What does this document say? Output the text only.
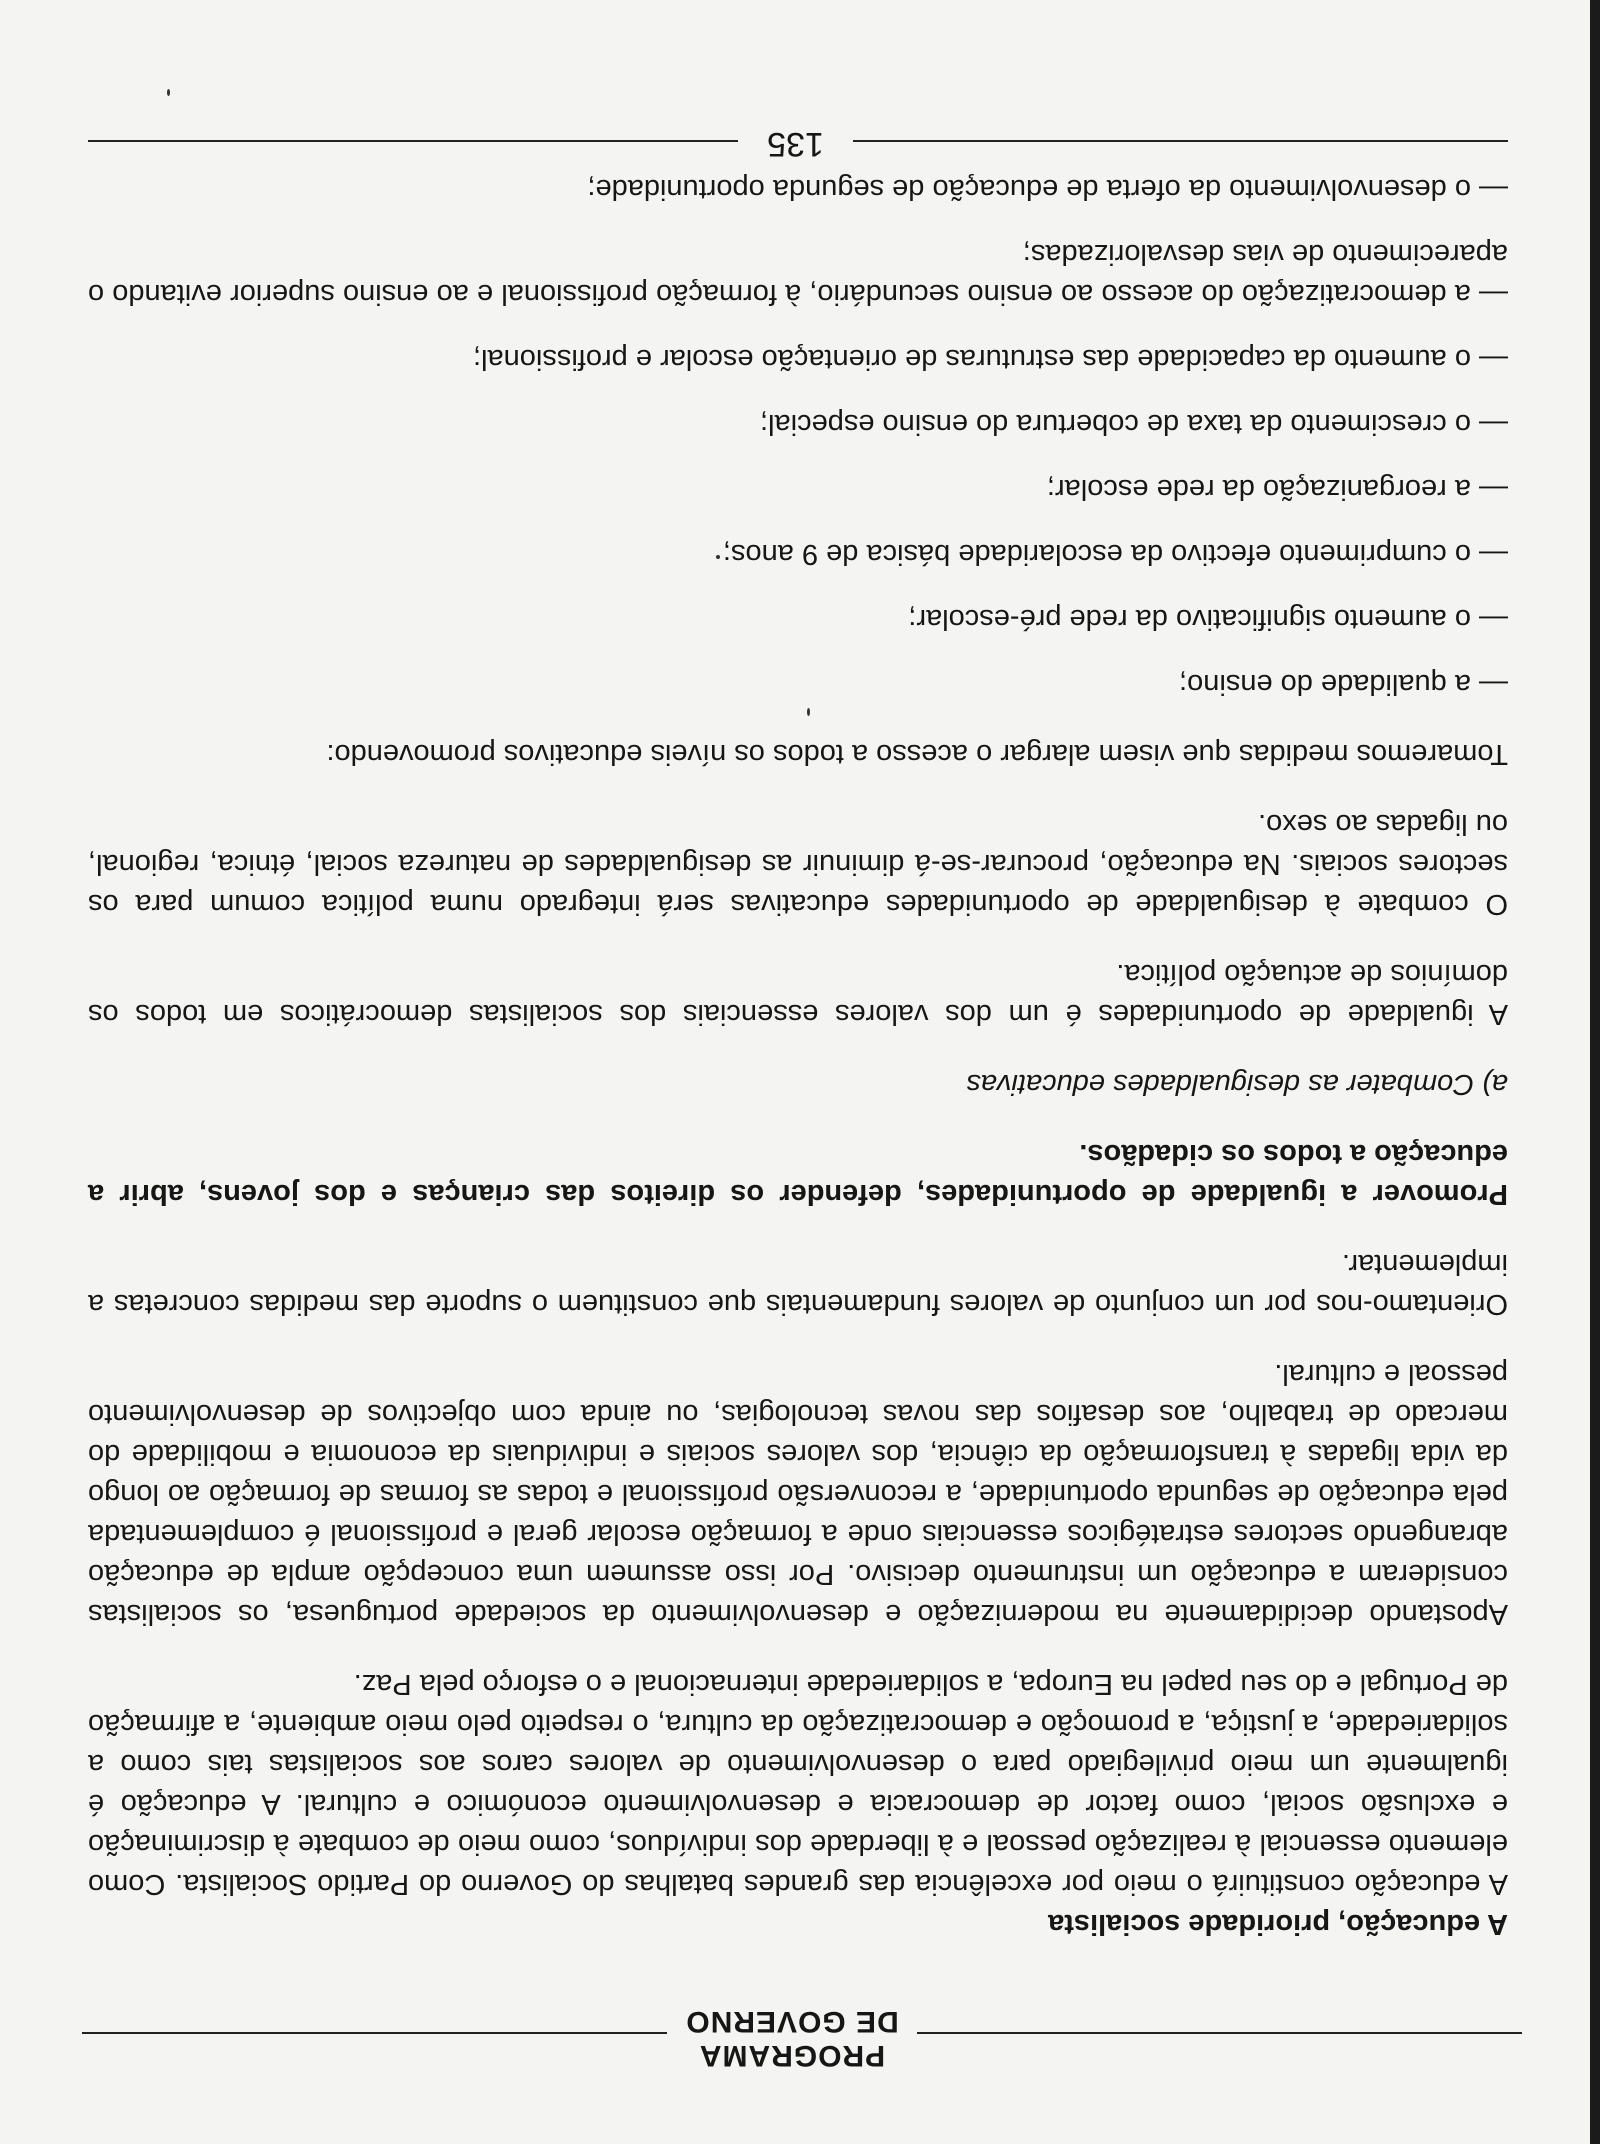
PROGRAMA
DE GOVERNO

A educação, prioridade socialista

A educação constituirá o meio por excelência das grandes batalhas do Governo do Partido Socialista. Como elemento essencial à realização pessoal e à liberdade dos indivíduos, como meio de combate à discriminação e exclusão social, como factor de democracia e desenvolvimento económico e cultural. A educação é igualmente um meio privilegiado para o desenvolvimento de valores caros aos socialistas tais como a solidariedade, a justiça, a promoção e democratização da cultura, o respeito pelo meio ambiente, a afirmação de Portugal e do seu papel na Europa, a solidariedade internacional e o esforço pela Paz.

Apostando decididamente na modernização e desenvolvimento da sociedade portuguesa, os socialistas consideram a educação um instrumento decisivo. Por isso assumem uma concepção ampla de educação abrangendo sectores estratégicos essenciais onde a formação escolar geral e profissional é complementada pela educação de segunda oportunidade, a reconversão profissional e todas as formas de formação ao longo da vida ligadas à transformação da ciência, dos valores sociais e individuais da economia e mobilidade do mercado de trabalho, aos desafios das novas tecnologias, ou ainda com objectivos de desenvolvimento pessoal e cultural.

Orientamo-nos por um conjunto de valores fundamentais que constituem o suporte das medidas concretas a implementar.

Promover a igualdade de oportunidades, defender os direitos das crianças e dos jovens, abrir a educação a todos os cidadãos.

a) Combater as desigualdades educativas

A igualdade de oportunidades é um dos valores essenciais dos socialistas democráticos em todos os domínios de actuação política.

O combate à desigualdade de oportunidades educativas será integrado numa política comum para os sectores sociais. Na educação, procurar-se-á diminuir as desigualdades de natureza social, étnica, regional, ou ligadas ao sexo.

Tomaremos medidas que visem alargar o acesso a todos os níveis educativos promovendo:

— a qualidade do ensino;
— o aumento significativo da rede pré-escolar;
— o cumprimento efectivo da escolaridade básica de 9 anos;
— a reorganização da rede escolar;
— o crescimento da taxa de cobertura do ensino especial;
— o aumento da capacidade das estruturas de orientação escolar e profissional;
— a democratização do acesso ao ensino secundário, à formação profissional e ao ensino superior evitando o aparecimento de vias desvalorizadas;
— o desenvolvimento da oferta de educação de segunda oportunidade;
135
